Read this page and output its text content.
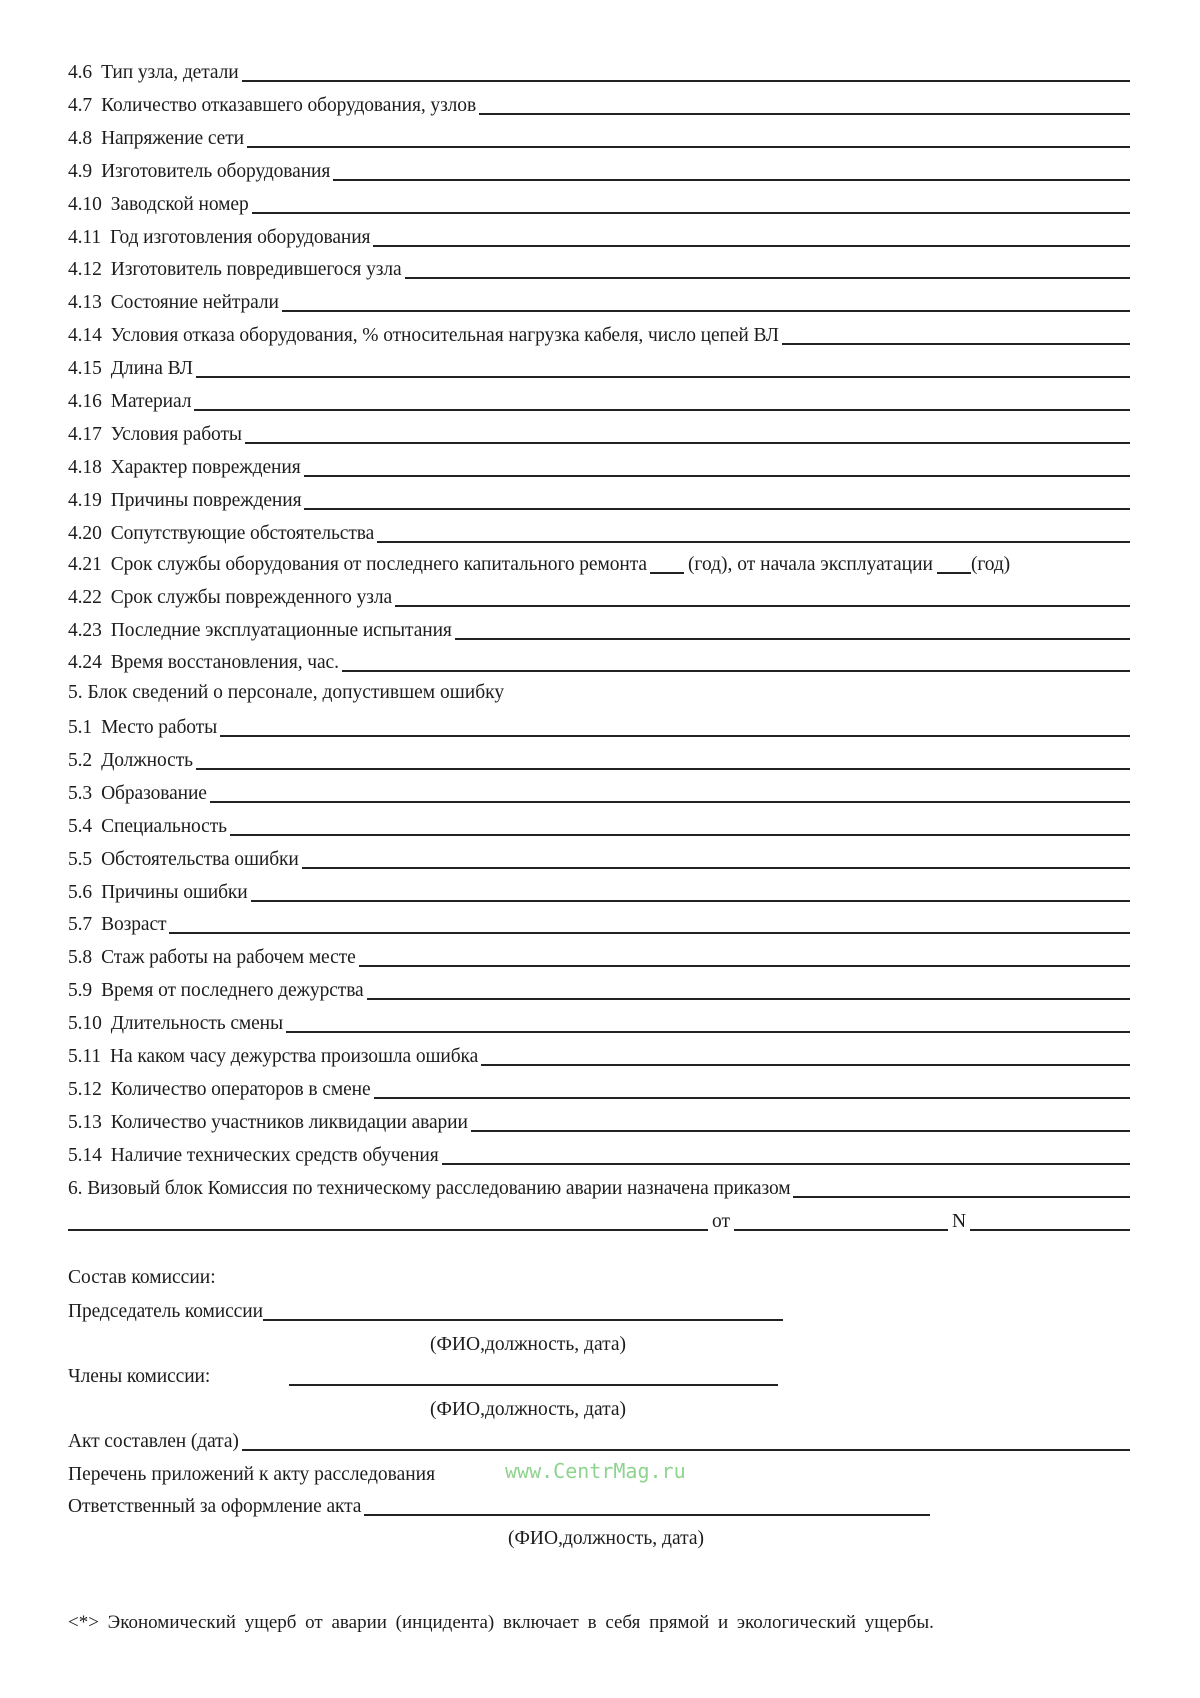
4.6 Тип узла, детали
4.7 Количество отказавшего оборудования, узлов
4.8 Напряжение сети
4.9 Изготовитель оборудования
4.10 Заводской номер
4.11 Год изготовления оборудования
4.12 Изготовитель повредившегося узла
4.13 Состояние нейтрали
4.14 Условия отказа оборудования, % относительная нагрузка кабеля, число цепей ВЛ
4.15 Длина ВЛ
4.16 Материал
4.17 Условия работы
4.18 Характер повреждения
4.19 Причины повреждения
4.20 Сопутствующие обстоятельства
4.21 Срок службы оборудования от последнего капитального ремонта (год), от начала эксплуатации (год)
4.22 Срок службы поврежденного узла
4.23 Последние эксплуатационные испытания
4.24 Время восстановления, час.
5. Блок сведений о персонале, допустившем ошибку
5.1 Место работы
5.2 Должность
5.3 Образование
5.4 Специальность
5.5 Обстоятельства ошибки
5.6 Причины ошибки
5.7 Возраст
5.8 Стаж работы на рабочем месте
5.9 Время от последнего дежурства
5.10 Длительность смены
5.11 На каком часу дежурства произошла ошибка
5.12 Количество операторов в смене
5.13 Количество участников ликвидации аварии
5.14 Наличие технических средств обучения
6. Визовый блок Комиссия по техническому расследованию аварии назначена приказом
от	N
Состав комиссии:
Председатель комиссии
(ФИО,должность, дата)
Члены комиссии:
(ФИО,должность, дата)
Акт составлен (дата)
Перечень приложений к акту расследования	www.CentrMag.ru
Ответственный за оформление акта
(ФИО,должность, дата)
<*> Экономический ущерб от аварии (инцидента) включает в себя прямой и экологический ущербы.
